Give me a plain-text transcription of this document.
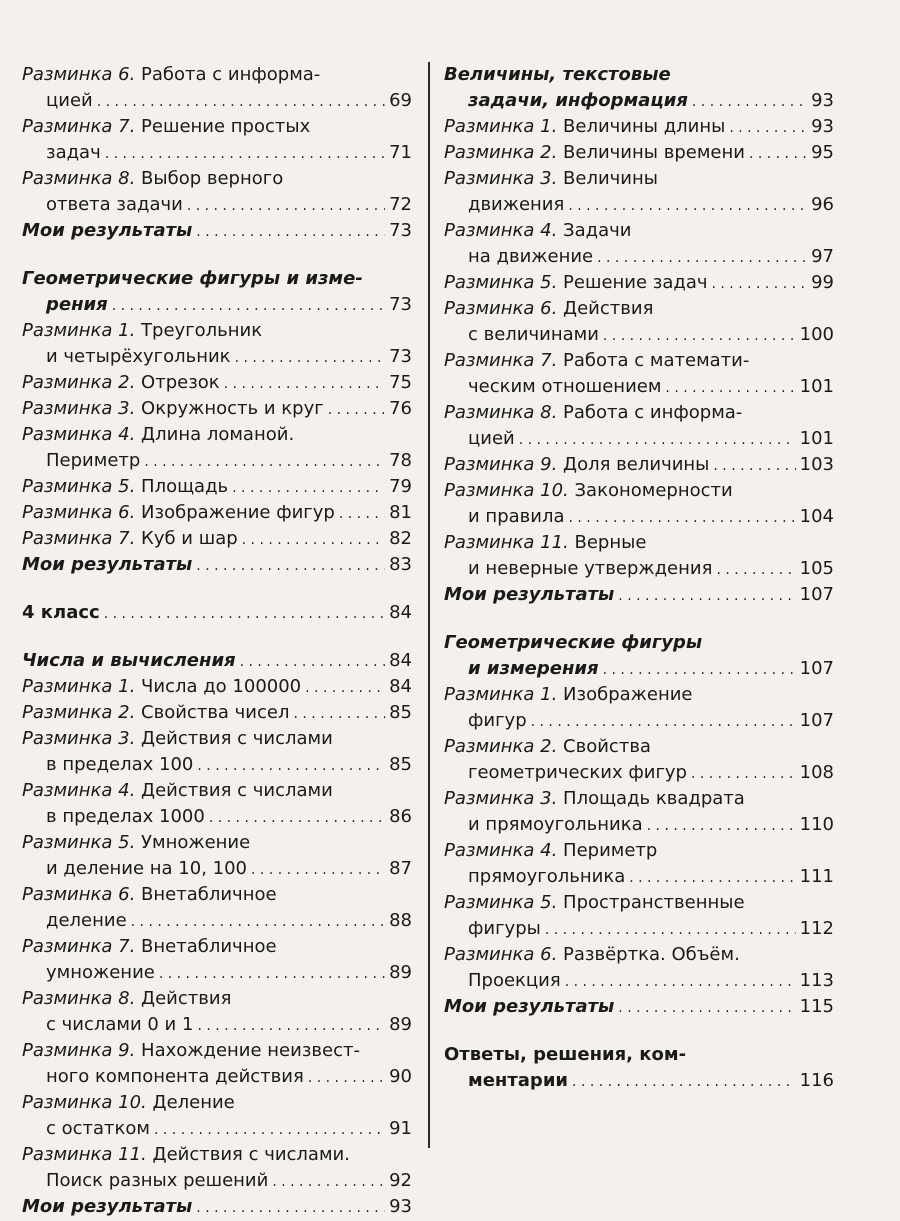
Разминка 6. Работа с информа-
цией . . .	69
Разминка 7. Решение простых
задач . . .	71
Разминка 8. Выбор верного
ответа задачи . . .	72
Мои результаты . . .	73
Геометрические фигуры и изме-
рения . . .	73
Разминка 1. Треугольник
и четырёхугольник . . .	73
Разминка 2. Отрезок . . .	75
Разминка 3. Окружность и круг . . .	76
Разминка 4. Длина ломаной.
Периметр . . .	78
Разминка 5. Площадь . . .	79
Разминка 6. Изображение фигур . . .	81
Разминка 7. Куб и шар . . .	82
Мои результаты . . .	83
4 класс . . .	84
Числа и вычисления . . .	84
Разминка 1. Числа до 100000 . . .	84
Разминка 2. Свойства чисел . . .	85
Разминка 3. Действия с числами
в пределах 100 . . .	85
Разминка 4. Действия с числами
в пределах 1000 . . .	86
Разминка 5. Умножение
и деление на 10, 100 . . .	87
Разминка 6. Внетабличное
деление . . .	88
Разминка 7. Внетабличное
умножение . . .	89
Разминка 8. Действия
с числами 0 и 1 . . .	89
Разминка 9. Нахождение неизвест-
ного компонента действия . . .	90
Разминка 10. Деление
с остатком . . .	91
Разминка 11. Действия с числами.
Поиск разных решений . . .	92
Мои результаты . . .	93
Величины, текстовые
задачи, информация . . .	93
Разминка 1. Величины длины . . .	93
Разминка 2. Величины времени . . .	95
Разминка 3. Величины
движения . . .	96
Разминка 4. Задачи
на движение . . .	97
Разминка 5. Решение задач . . .	99
Разминка 6. Действия
с величинами . . .	100
Разминка 7. Работа с математи-
ческим отношением . . .	101
Разминка 8. Работа с информа-
цией . . .	101
Разминка 9. Доля величины . . .	103
Разминка 10. Закономерности
и правила . . .	104
Разминка 11. Верные
и неверные утверждения . . .	105
Мои результаты . . .	107
Геометрические фигуры
и измерения . . .	107
Разминка 1. Изображение
фигур . . .	107
Разминка 2. Свойства
геометрических фигур . . .	108
Разминка 3. Площадь квадрата
и прямоугольника . . .	110
Разминка 4. Периметр
прямоугольника . . .	111
Разминка 5. Пространственные
фигуры . . .	112
Разминка 6. Развёртка. Объём.
Проекция . . .	113
Мои результаты . . .	115
Ответы, решения, ком-
ментарии . . .	116
